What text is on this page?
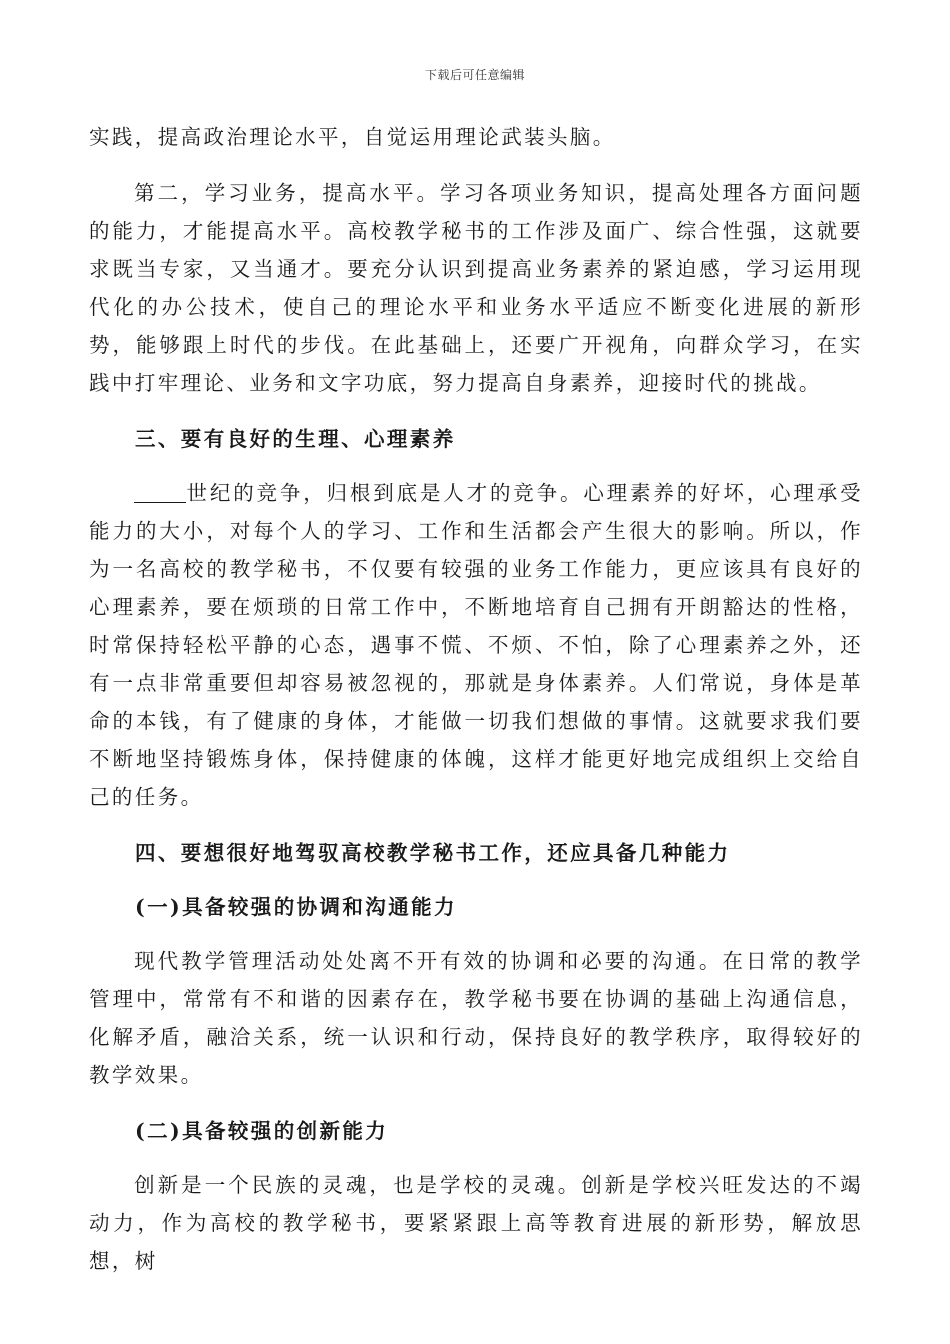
下载后可任意编辑

实践，提高政治理论水平，自觉运用理论武装头脑。

第二，学习业务，提高水平。学习各项业务知识，提高处理各方面问题的能力，才能提高水平。高校教学秘书的工作涉及面广、综合性强，这就要求既当专家，又当通才。要充分认识到提高业务素养的紧迫感，学习运用现代化的办公技术，使自己的理论水平和业务水平适应不断变化进展的新形势，能够跟上时代的步伐。在此基础上，还要广开视角，向群众学习，在实践中打牢理论、业务和文字功底，努力提高自身素养，迎接时代的挑战。

三、要有良好的生理、心理素养

世纪的竞争，归根到底是人才的竞争。心理素养的好坏，心理承受能力的大小，对每个人的学习、工作和生活都会产生很大的影响。所以，作为一名高校的教学秘书，不仅要有较强的业务工作能力，更应该具有良好的心理素养，要在烦琐的日常工作中，不断地培育自己拥有开朗豁达的性格，时常保持轻松平静的心态，遇事不慌、不烦、不怕，除了心理素养之外，还有一点非常重要但却容易被忽视的，那就是身体素养。人们常说，身体是革命的本钱，有了健康的身体，才能做一切我们想做的事情。这就要求我们要不断地坚持锻炼身体，保持健康的体魄，这样才能更好地完成组织上交给自己的任务。

四、要想很好地驾驭高校教学秘书工作，还应具备几种能力
(一)具备较强的协调和沟通能力

现代教学管理活动处处离不开有效的协调和必要的沟通。在日常的教学管理中，常常有不和谐的因素存在，教学秘书要在协调的基础上沟通信息，化解矛盾，融洽关系，统一认识和行动，保持良好的教学秩序，取得较好的教学效果。

(二)具备较强的创新能力

创新是一个民族的灵魂，也是学校的灵魂。创新是学校兴旺发达的不竭动力，作为高校的教学秘书，要紧紧跟上高等教育进展的新形势，解放思想，树
